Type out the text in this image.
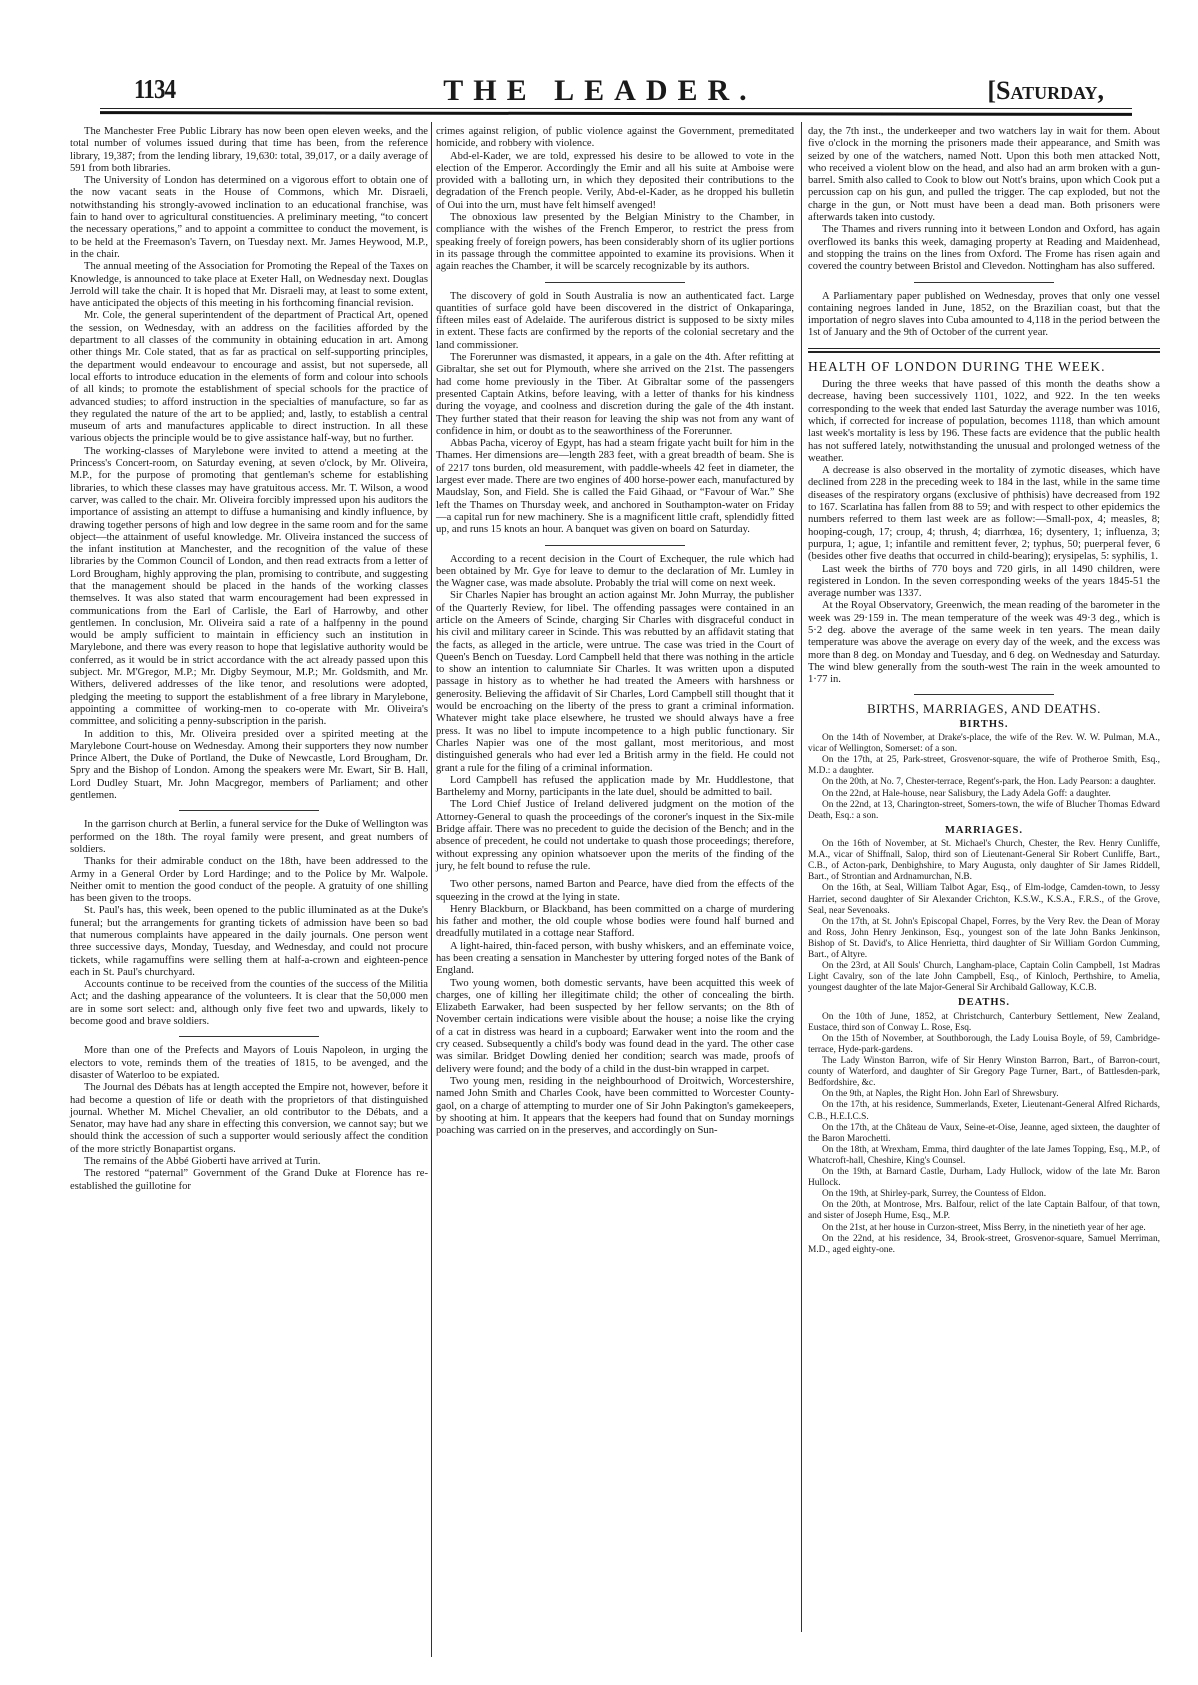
1134	THE LEADER.	[Saturday,

The Manchester Free Public Library has now been open eleven weeks, and the total number of volumes issued during that time has been, from the reference library, 19,387; from the lending library, 19,630: total, 39,017, or a daily average of 591 from both libraries.

The University of London has determined on a vigorous effort to obtain one of the now vacant seats in the House of Commons, which Mr. Disraeli, notwithstanding his strongly-avowed inclination to an educational franchise, was fain to hand over to agricultural constituencies. A preliminary meeting, “to concert the necessary operations,” and to appoint a committee to conduct the movement, is to be held at the Freemason's Tavern, on Tuesday next. Mr. James Heywood, M.P., in the chair.

The annual meeting of the Association for Promoting the Repeal of the Taxes on Knowledge, is announced to take place at Exeter Hall, on Wednesday next. Douglas Jerrold will take the chair. It is hoped that Mr. Disraeli may, at least to some extent, have anticipated the objects of this meeting in his forthcoming financial revision.

Mr. Cole, the general superintendent of the department of Practical Art, opened the session, on Wednesday, with an address on the facilities afforded by the department to all classes of the community in obtaining education in art. Among other things Mr. Cole stated, that as far as practical on self-supporting principles, the department would endeavour to encourage and assist, but not supersede, all local efforts to introduce education in the elements of form and colour into schools of all kinds; to promote the establishment of special schools for the practice of advanced studies; to afford instruction in the specialties of manufacture, so far as they regulated the nature of the art to be applied; and, lastly, to establish a central museum of arts and manufactures applicable to direct instruction. In all these various objects the principle would be to give assistance half-way, but no further.

The working-classes of Marylebone were invited to attend a meeting at the Princess's Concert-room, on Saturday evening, at seven o'clock, by Mr. Oliveira, M.P., for the purpose of promoting that gentleman's scheme for establishing libraries, to which these classes may have gratuitous access. Mr. T. Wilson, a wood carver, was called to the chair. Mr. Oliveira forcibly impressed upon his auditors the importance of assisting an attempt to diffuse a humanising and kindly influence, by drawing together persons of high and low degree in the same room and for the same object—the attainment of useful knowledge. Mr. Oliveira instanced the success of the infant institution at Manchester, and the recognition of the value of these libraries by the Common Council of London, and then read extracts from a letter of Lord Brougham, highly approving the plan, promising to contribute, and suggesting that the management should be placed in the hands of the working classes themselves. It was also stated that warm encouragement had been expressed in communications from the Earl of Carlisle, the Earl of Harrowby, and other gentlemen. In conclusion, Mr. Oliveira said a rate of a halfpenny in the pound would be amply sufficient to maintain in efficiency such an institution in Marylebone, and there was every reason to hope that legislative authority would be conferred, as it would be in strict accordance with the act already passed upon this subject. Mr. M'Gregor, M.P.; Mr. Digby Seymour, M.P.; Mr. Goldsmith, and Mr. Withers, delivered addresses of the like tenor, and resolutions were adopted, pledging the meeting to support the establishment of a free library in Marylebone, appointing a committee of working-men to co-operate with Mr. Oliveira's committee, and soliciting a penny-subscription in the parish.

In addition to this, Mr. Oliveira presided over a spirited meeting at the Marylebone Court-house on Wednesday. Among their supporters they now number Prince Albert, the Duke of Portland, the Duke of Newcastle, Lord Brougham, Dr. Spry and the Bishop of London. Among the speakers were Mr. Ewart, Sir B. Hall, Lord Dudley Stuart, Mr. John Macgregor, members of Parliament; and other gentlemen.

In the garrison church at Berlin, a funeral service for the Duke of Wellington was performed on the 18th. The royal family were present, and great numbers of soldiers.

Thanks for their admirable conduct on the 18th, have been addressed to the Army in a General Order by Lord Hardinge; and to the Police by Mr. Walpole. Neither omit to mention the good conduct of the people. A gratuity of one shilling has been given to the troops.

St. Paul's has, this week, been opened to the public illuminated as at the Duke's funeral; but the arrangements for granting tickets of admission have been so bad that numerous complaints have appeared in the daily journals. One person went three successive days, Monday, Tuesday, and Wednesday, and could not procure tickets, while ragamuffins were selling them at half-a-crown and eighteen-pence each in St. Paul's churchyard.

Accounts continue to be received from the counties of the success of the Militia Act; and the dashing appearance of the volunteers. It is clear that the 50,000 men are in some sort select: and, although only five feet two and upwards, likely to become good and brave soldiers.

More than one of the Prefects and Mayors of Louis Napoleon, in urging the electors to vote, reminds them of the treaties of 1815, to be avenged, and the disaster of Waterloo to be expiated.

The Journal des Débats has at length accepted the Empire not, however, before it had become a question of life or death with the proprietors of that distinguished journal. Whether M. Michel Chevalier, an old contributor to the Débats, and a Senator, may have had any share in effecting this conversion, we cannot say; but we should think the accession of such a supporter would seriously affect the condition of the more strictly Bonapartist organs.

The remains of the Abbé Gioberti have arrived at Turin.

The restored “paternal” Government of the Grand Duke at Florence has re-established the guillotine for

crimes against religion, of public violence against the Government, premeditated homicide, and robbery with violence.

Abd-el-Kader, we are told, expressed his desire to be allowed to vote in the election of the Emperor. Accordingly the Emir and all his suite at Amboise were provided with a balloting urn, in which they deposited their contributions to the degradation of the French people. Verily, Abd-el-Kader, as he dropped his bulletin of Oui into the urn, must have felt himself avenged!

The obnoxious law presented by the Belgian Ministry to the Chamber, in compliance with the wishes of the French Emperor, to restrict the press from speaking freely of foreign powers, has been considerably shorn of its uglier portions in its passage through the committee appointed to examine its provisions. When it again reaches the Chamber, it will be scarcely recognizable by its authors.

The discovery of gold in South Australia is now an authenticated fact. Large quantities of surface gold have been discovered in the district of Onkaparinga, fifteen miles east of Adelaide. The auriferous district is supposed to be sixty miles in extent. These facts are confirmed by the reports of the colonial secretary and the land commissioner.

The Forerunner was dismasted, it appears, in a gale on the 4th. After refitting at Gibraltar, she set out for Plymouth, where she arrived on the 21st. The passengers had come home previously in the Tiber. At Gibraltar some of the passengers presented Captain Atkins, before leaving, with a letter of thanks for his kindness during the voyage, and coolness and discretion during the gale of the 4th instant. They further stated that their reason for leaving the ship was not from any want of confidence in him, or doubt as to the seaworthiness of the Forerunner.

Abbas Pacha, viceroy of Egypt, has had a steam frigate yacht built for him in the Thames. Her dimensions are—length 283 feet, with a great breadth of beam. She is of 2217 tons burden, old measurement, with paddle-wheels 42 feet in diameter, the largest ever made. There are two engines of 400 horse-power each, manufactured by Maudslay, Son, and Field. She is called the Faid Gihaad, or “Favour of War.” She left the Thames on Thursday week, and anchored in Southampton-water on Friday—a capital run for new machinery. She is a magnificent little craft, splendidly fitted up, and runs 15 knots an hour. A banquet was given on board on Saturday.

According to a recent decision in the Court of Exchequer, the rule which had been obtained by Mr. Gye for leave to demur to the declaration of Mr. Lumley in the Wagner case, was made absolute. Probably the trial will come on next week.

Sir Charles Napier has brought an action against Mr. John Murray, the publisher of the Quarterly Review, for libel. The offending passages were contained in an article on the Ameers of Scinde, charging Sir Charles with disgraceful conduct in his civil and military career in Scinde. This was rebutted by an affidavit stating that the facts, as alleged in the article, were untrue. The case was tried in the Court of Queen's Bench on Tuesday. Lord Campbell held that there was nothing in the article to show an intention to calumniate Sir Charles. It was written upon a disputed passage in history as to whether he had treated the Ameers with harshness or generosity. Believing the affidavit of Sir Charles, Lord Campbell still thought that it would be encroaching on the liberty of the press to grant a criminal information. Whatever might take place elsewhere, he trusted we should always have a free press. It was no libel to impute incompetence to a high public functionary. Sir Charles Napier was one of the most gallant, most meritorious, and most distinguished generals who had ever led a British army in the field. He could not grant a rule for the filing of a criminal information.

Lord Campbell has refused the application made by Mr. Huddlestone, that Barthelemy and Morny, participants in the late duel, should be admitted to bail.

The Lord Chief Justice of Ireland delivered judgment on the motion of the Attorney-General to quash the proceedings of the coroner's inquest in the Six-mile Bridge affair. There was no precedent to guide the decision of the Bench; and in the absence of precedent, he could not undertake to quash those proceedings; therefore, without expressing any opinion whatsoever upon the merits of the finding of the jury, he felt bound to refuse the rule.

Two other persons, named Barton and Pearce, have died from the effects of the squeezing in the crowd at the lying in state.

Henry Blackburn, or Blackband, has been committed on a charge of murdering his father and mother, the old couple whose bodies were found half burned and dreadfully mutilated in a cottage near Stafford.

A light-haired, thin-faced person, with bushy whiskers, and an effeminate voice, has been creating a sensation in Manchester by uttering forged notes of the Bank of England.

Two young women, both domestic servants, have been acquitted this week of charges, one of killing her illegitimate child; the other of concealing the birth. Elizabeth Earwaker, had been suspected by her fellow servants; on the 8th of November certain indications were visible about the house; a noise like the crying of a cat in distress was heard in a cupboard; Earwaker went into the room and the cry ceased. Subsequently a child's body was found dead in the yard. The other case was similar. Bridget Dowling denied her condition; search was made, proofs of delivery were found; and the body of a child in the dust-bin wrapped in carpet.

Two young men, residing in the neighbourhood of Droitwich, Worcestershire, named John Smith and Charles Cook, have been committed to Worcester County-gaol, on a charge of attempting to murder one of Sir John Pakington's gamekeepers, by shooting at him. It appears that the keepers had found that on Sunday mornings poaching was carried on in the preserves, and accordingly on Sun-

day, the 7th inst., the underkeeper and two watchers lay in wait for them. About five o'clock in the morning the prisoners made their appearance, and Smith was seized by one of the watchers, named Nott. Upon this both men attacked Nott, who received a violent blow on the head, and also had an arm broken with a gun-barrel. Smith also called to Cook to blow out Nott's brains, upon which Cook put a percussion cap on his gun, and pulled the trigger. The cap exploded, but not the charge in the gun, or Nott must have been a dead man. Both prisoners were afterwards taken into custody.

The Thames and rivers running into it between London and Oxford, has again overflowed its banks this week, damaging property at Reading and Maidenhead, and stopping the trains on the lines from Oxford. The Frome has risen again and covered the country between Bristol and Clevedon. Nottingham has also suffered.

A Parliamentary paper published on Wednesday, proves that only one vessel containing negroes landed in June, 1852, on the Brazilian coast, but that the importation of negro slaves into Cuba amounted to 4,118 in the period between the 1st of January and the 9th of October of the current year.

HEALTH OF LONDON DURING THE WEEK.

During the three weeks that have passed of this month the deaths show a decrease, having been successively 1101, 1022, and 922. In the ten weeks corresponding to the week that ended last Saturday the average number was 1016, which, if corrected for increase of population, becomes 1118, than which amount last week's mortality is less by 196. These facts are evidence that the public health has not suffered lately, notwithstanding the unusual and prolonged wetness of the weather.

A decrease is also observed in the mortality of zymotic diseases, which have declined from 228 in the preceding week to 184 in the last, while in the same time diseases of the respiratory organs (exclusive of phthisis) have decreased from 192 to 167. Scarlatina has fallen from 88 to 59; and with respect to other epidemics the numbers referred to them last week are as follow:—Small-pox, 4; measles, 8; hooping-cough, 17; croup, 4; thrush, 4; diarrhœa, 16; dysentery, 1; influenza, 3; purpura, 1; ague, 1; infantile and remittent fever, 2; typhus, 50; puerperal fever, 6 (besides other five deaths that occurred in child-bearing); erysipelas, 5: syphilis, 1.

Last week the births of 770 boys and 720 girls, in all 1490 children, were registered in London. In the seven corresponding weeks of the years 1845-51 the average number was 1337.

At the Royal Observatory, Greenwich, the mean reading of the barometer in the week was 29·159 in. The mean temperature of the week was 49·3 deg., which is 5·2 deg. above the average of the same week in ten years. The mean daily temperature was above the average on every day of the week, and the excess was more than 8 deg. on Monday and Tuesday, and 6 deg. on Wednesday and Saturday. The wind blew generally from the south-west The rain in the week amounted to 1·77 in.

BIRTHS, MARRIAGES, AND DEATHS.
BIRTHS.

On the 14th of November, at Drake's-place, the wife of the Rev. W. W. Pulman, M.A., vicar of Wellington, Somerset: of a son.

On the 17th, at 25, Park-street, Grosvenor-square, the wife of Protheroe Smith, Esq., M.D.: a daughter.

On the 20th, at No. 7, Chester-terrace, Regent's-park, the Hon. Lady Pearson: a daughter.

On the 22nd, at Hale-house, near Salisbury, the Lady Adela Goff: a daughter.

On the 22nd, at 13, Charington-street, Somers-town, the wife of Blucher Thomas Edward Death, Esq.: a son.

MARRIAGES.

On the 16th of November, at St. Michael's Church, Chester, the Rev. Henry Cunliffe, M.A., vicar of Shiffnall, Salop, third son of Lieutenant-General Sir Robert Cunliffe, Bart., C.B., of Acton-park, Denbighshire, to Mary Augusta, only daughter of Sir James Riddell, Bart., of Strontian and Ardnamurchan, N.B.

On the 16th, at Seal, William Talbot Agar, Esq., of Elm-lodge, Camden-town, to Jessy Harriet, second daughter of Sir Alexander Crichton, K.S.W., K.S.A., F.R.S., of the Grove, Seal, near Sevenoaks.

On the 17th, at St. John's Episcopal Chapel, Forres, by the Very Rev. the Dean of Moray and Ross, John Henry Jenkinson, Esq., youngest son of the late John Banks Jenkinson, Bishop of St. David's, to Alice Henrietta, third daughter of Sir William Gordon Cumming, Bart., of Altyre.

On the 23rd, at All Souls' Church, Langham-place, Captain Colin Campbell, 1st Madras Light Cavalry, son of the late John Campbell, Esq., of Kinloch, Perthshire, to Amelia, youngest daughter of the late Major-General Sir Archibald Galloway, K.C.B.

DEATHS.

On the 10th of June, 1852, at Christchurch, Canterbury Settlement, New Zealand, Eustace, third son of Conway L. Rose, Esq.

On the 15th of November, at Southborough, the Lady Louisa Boyle, of 59, Cambridge-terrace, Hyde-park-gardens.

The Lady Winston Barron, wife of Sir Henry Winston Barron, Bart., of Barron-court, county of Waterford, and daughter of Sir Gregory Page Turner, Bart., of Battlesden-park, Bedfordshire, &c.

On the 9th, at Naples, the Right Hon. John Earl of Shrewsbury.

On the 17th, at his residence, Summerlands, Exeter, Lieutenant-General Alfred Richards, C.B., H.E.I.C.S.

On the 17th, at the Château de Vaux, Seine-et-Oise, Jeanne, aged sixteen, the daughter of the Baron Marochetti.

On the 18th, at Wrexham, Emma, third daughter of the late James Topping, Esq., M.P., of Whatcroft-hall, Cheshire, King's Counsel.

On the 19th, at Barnard Castle, Durham, Lady Hullock, widow of the late Mr. Baron Hullock.

On the 19th, at Shirley-park, Surrey, the Countess of Eldon.

On the 20th, at Montrose, Mrs. Balfour, relict of the late Captain Balfour, of that town, and sister of Joseph Hume, Esq., M.P.

On the 21st, at her house in Curzon-street, Miss Berry, in the ninetieth year of her age.

On the 22nd, at his residence, 34, Brook-street, Grosvenor-square, Samuel Merriman, M.D., aged eighty-one.
